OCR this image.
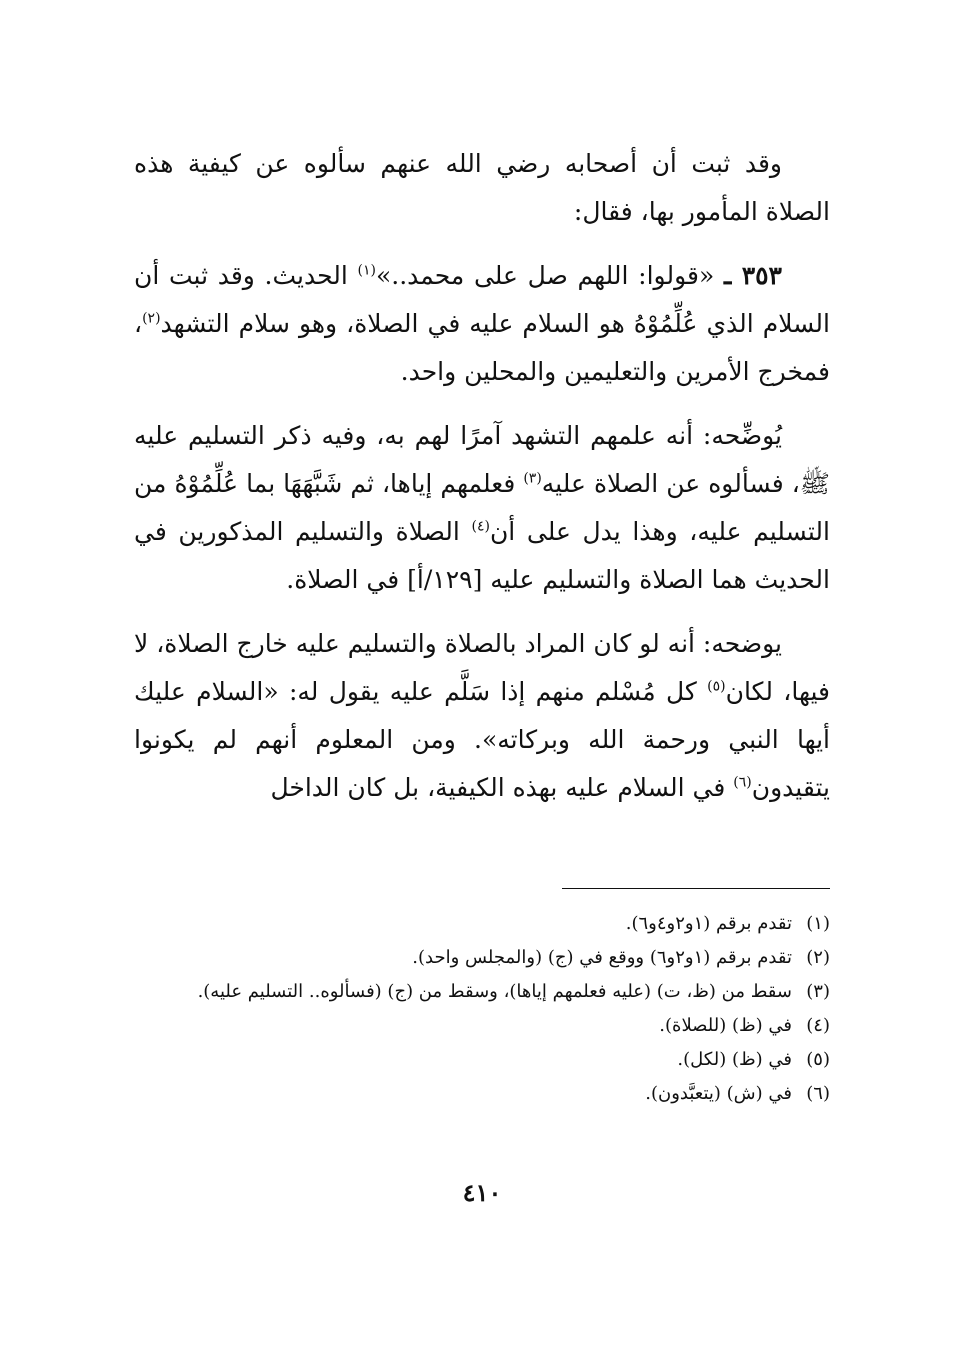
وقد ثبت أن أصحابه رضي الله عنهم سألوه عن كيفية هذه الصلاة المأمور بها، فقال:

٣٥٣ ـ «قولوا: اللهم صل على محمد..»$^{(١)}$ الحديث. وقد ثبت أن السلام الذي عُلِّمُوْهُ هو السلام عليه في الصلاة، وهو سلام التشهد$^{(٢)}$، فمخرج الأمرين والتعليمين والمحلين واحد.

يُوضِّحه: أنه علمهم التشهد آمرًا لهم به، وفيه ذكر التسليم عليه ﷺ، فسألوه عن الصلاة عليه$^{(٣)}$ فعلمهم إياها، ثم شَبَّهَهَا بما عُلِّمُوْهُ من التسليم عليه، وهذا يدل على أن$^{(٤)}$ الصلاة والتسليم المذكورين في الحديث هما الصلاة والتسليم عليه [١٢٩/أ] في الصلاة.

يوضحه: أنه لو كان المراد بالصلاة والتسليم عليه خارج الصلاة، لا فيها، لكان$^{(٥)}$ كل مُسْلم منهم إذا سَلَّم عليه يقول له: «السلام عليك أيها النبي ورحمة الله وبركاته». ومن المعلوم أنهم لم يكونوا يتقيدون$^{(٦)}$ في السلام عليه بهذه الكيفية، بل كان الداخل

(١)
تقدم برقم (١و٢و٤و٦).
(٢)
تقدم برقم (١و٢و٦) ووقع في (ج) (والمجلس واحد).
(٣)
سقط من (ظ، ت) (عليه فعلمهم إياها)، وسقط من (ج) (فسألوه.. التسليم عليه).
(٤)
في (ظ) (للصلاة).
(٥)
في (ظ) (لكل).
(٦)
في (ش) (يتعبَّدون).
٤١٠
